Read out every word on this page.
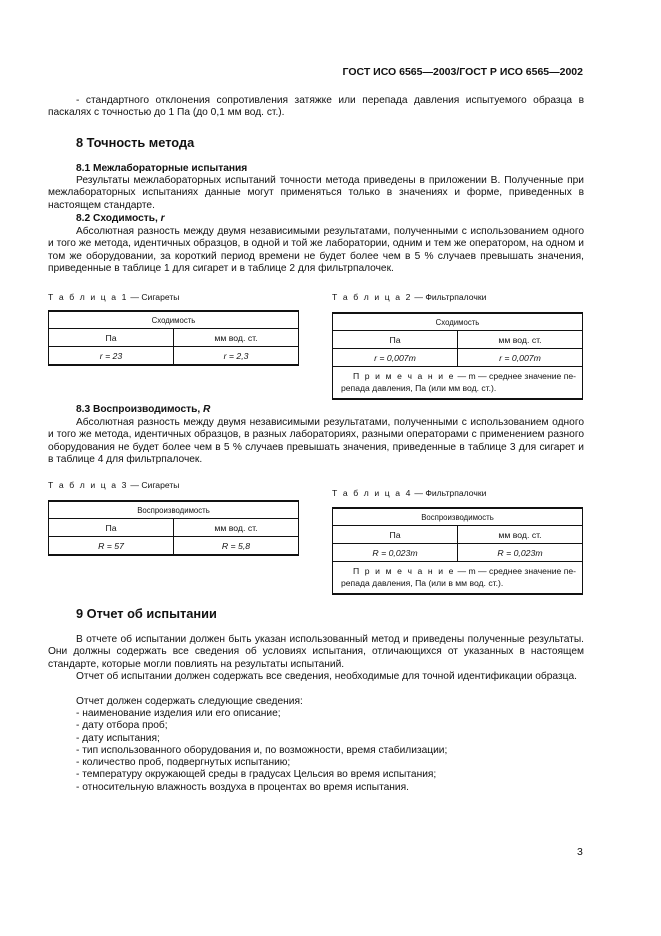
ГОСТ ИСО 6565—2003/ГОСТ Р ИСО 6565—2002

- стандартного отклонения сопротивления затяжке или перепада давления испытуемого образца в паскалях с точностью до 1 Па (до 0,1 мм вод. ст.).

8 Точность метода
8.1 Межлабораторные испытания

Результаты межлабораторных испытаний точности метода приведены в приложении В. Полученные при межлабораторных испытаниях данные могут применяться только в значениях и форме, приведенных в настоящем стандарте.

8.2 Сходимость, r

Абсолютная разность между двумя независимыми результатами, полученными с использованием одного и того же метода, идентичных образцов, в одной и той же лаборатории, одним и тем же оператором, на одном и том же оборудовании, за короткий период времени не будет более чем в 5 % случаев превышать значения, приведенные в таблице 1 для сигарет и в таблице 2 для фильтрпалочек.

Т а б л и ц а 1 — Сигареты
Сходимость	
Па	мм вод. ст.
r = 23	r = 2,3
Т а б л и ц а 2 — Фильтрпалочки
Сходимость	
Па	мм вод. ст.
r = 0,007m	r = 0,007m
П р и м е ч а н и е — m — среднее значение перепада давления, Па (или мм вод. ст.).	
8.3 Воспроизводимость, R

Абсолютная разность между двумя независимыми результатами, полученными с использованием одного и того же метода, идентичных образцов, в разных лабораториях, разными операторами с применением разного оборудования не будет более чем в 5 % случаев превышать значения, приведенные в таблице 3 для сигарет и в таблице 4 для фильтрпалочек.

Т а б л и ц а 3 — Сигареты
Воспроизводимость	
Па	мм вод. ст.
R = 57	R = 5,8
Т а б л и ц а 4 — Фильтрпалочки
Воспроизводимость	
Па	мм вод. ст.
R = 0,023m	R = 0,023m
П р и м е ч а н и е — m — среднее значение перепада давления, Па (или в мм вод. ст.).	
9 Отчет об испытании

В отчете об испытании должен быть указан использованный метод и приведены полученные результаты. Они должны содержать все сведения об условиях испытания, отличающихся от указанных в настоящем стандарте, которые могли повлиять на результаты испытаний.

Отчет об испытании должен содержать все сведения, необходимые для точной идентификации образца.

Отчет должен содержать следующие сведения:

- наименование изделия или его описание;
- дату отбора проб;
- дату испытания;
- тип использованного оборудования и, по возможности, время стабилизации;
- количество проб, подвергнутых испытанию;
- температуру окружающей среды в градусах Цельсия во время испытания;
- относительную влажность воздуха в процентах во время испытания.
3
